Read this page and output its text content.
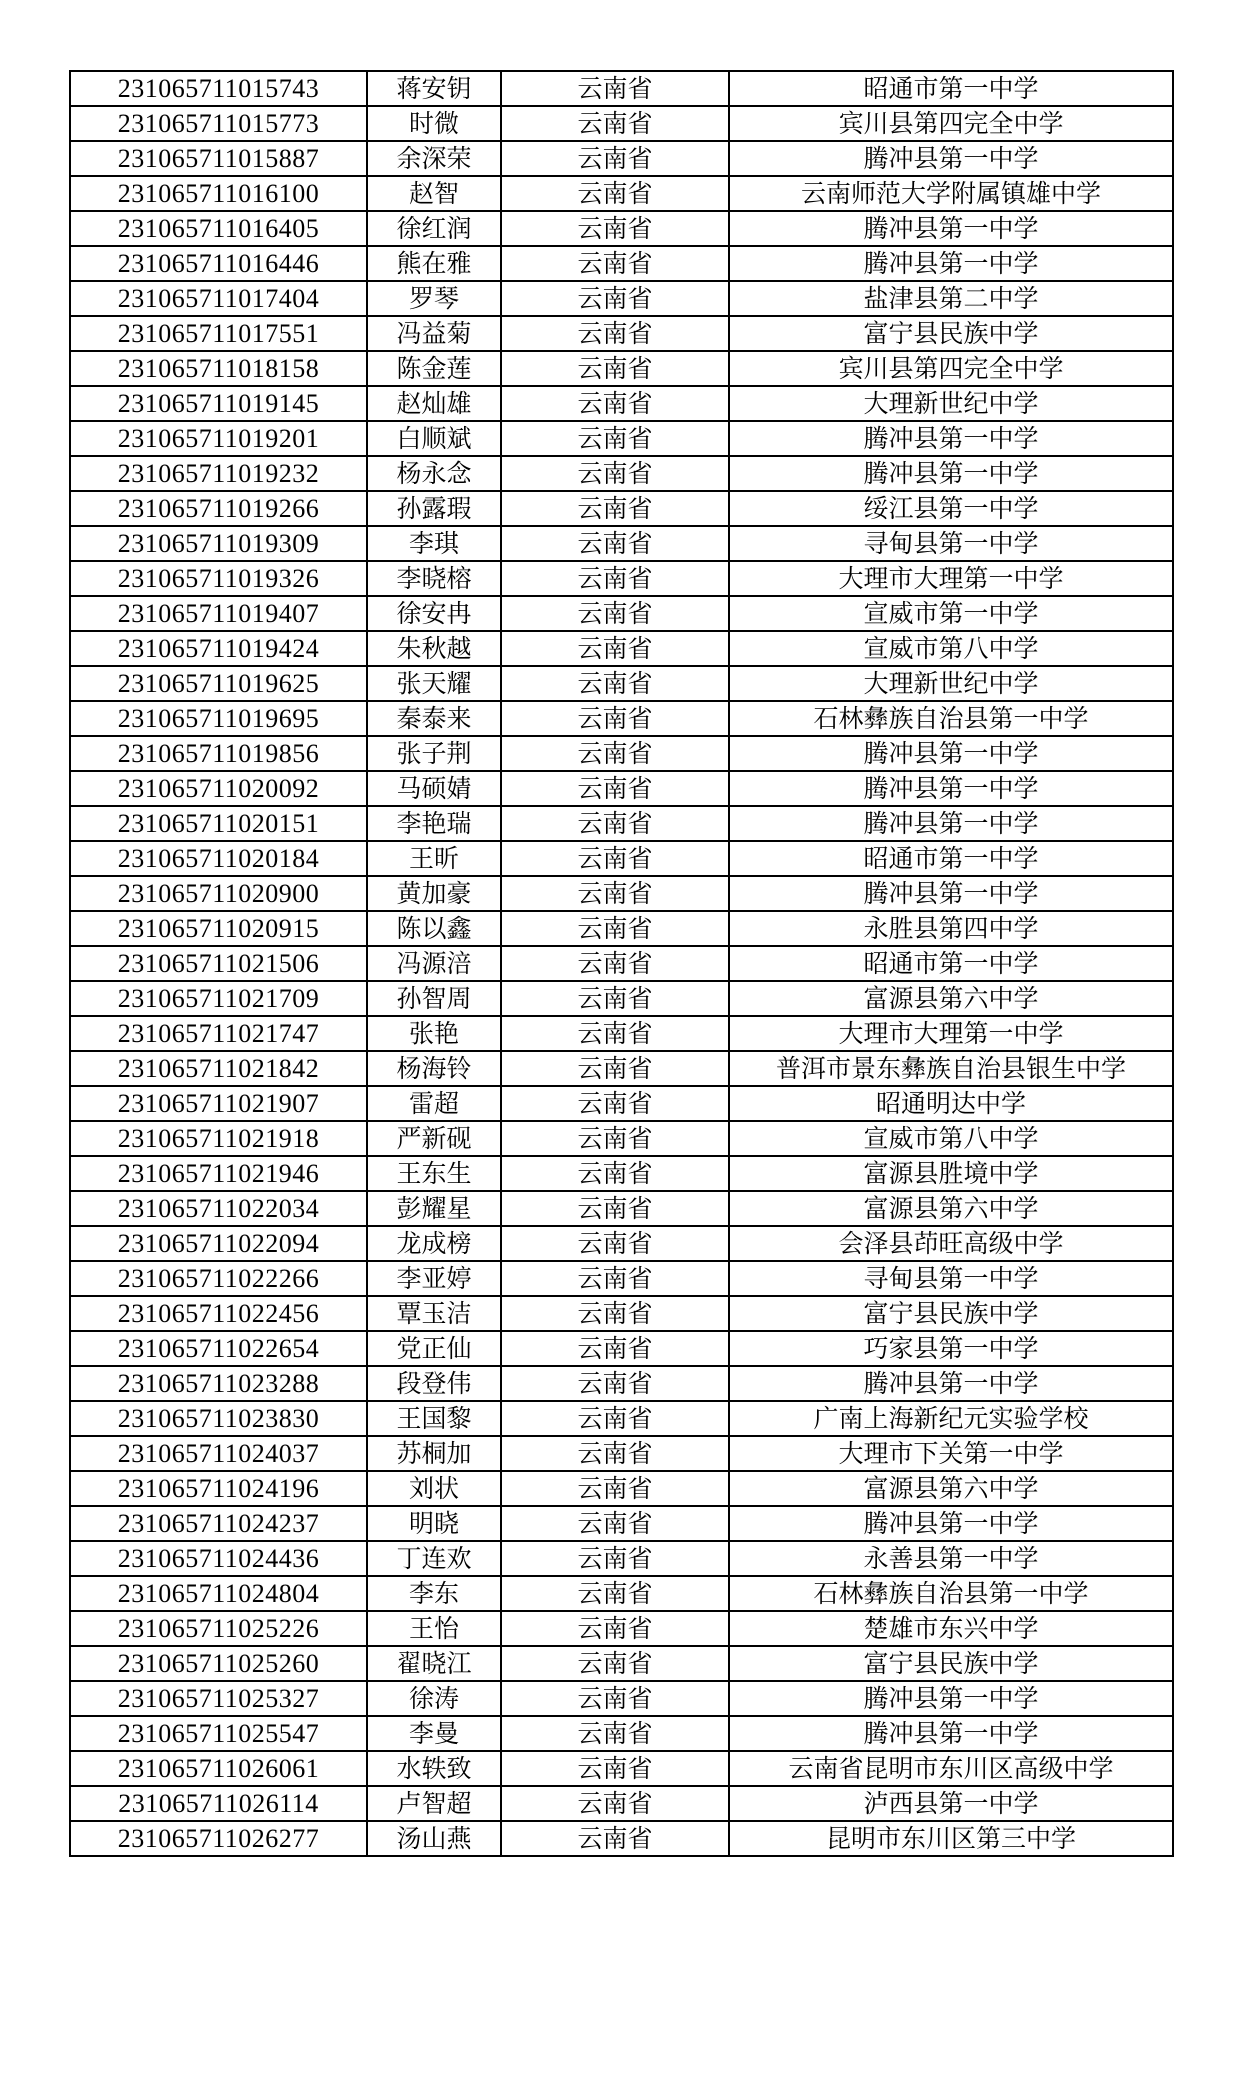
231065711015743	蒋安钥	云南省	昭通市第一中学
231065711015773	时微	云南省	宾川县第四完全中学
231065711015887	余深荣	云南省	腾冲县第一中学
231065711016100	赵智	云南省	云南师范大学附属镇雄中学
231065711016405	徐红润	云南省	腾冲县第一中学
231065711016446	熊在雅	云南省	腾冲县第一中学
231065711017404	罗琴	云南省	盐津县第二中学
231065711017551	冯益菊	云南省	富宁县民族中学
231065711018158	陈金莲	云南省	宾川县第四完全中学
231065711019145	赵灿雄	云南省	大理新世纪中学
231065711019201	白顺斌	云南省	腾冲县第一中学
231065711019232	杨永念	云南省	腾冲县第一中学
231065711019266	孙露瑕	云南省	绥江县第一中学
231065711019309	李琪	云南省	寻甸县第一中学
231065711019326	李晓榕	云南省	大理市大理第一中学
231065711019407	徐安冉	云南省	宣威市第一中学
231065711019424	朱秋越	云南省	宣威市第八中学
231065711019625	张天耀	云南省	大理新世纪中学
231065711019695	秦泰来	云南省	石林彝族自治县第一中学
231065711019856	张子荆	云南省	腾冲县第一中学
231065711020092	马硕婧	云南省	腾冲县第一中学
231065711020151	李艳瑞	云南省	腾冲县第一中学
231065711020184	王昕	云南省	昭通市第一中学
231065711020900	黄加豪	云南省	腾冲县第一中学
231065711020915	陈以鑫	云南省	永胜县第四中学
231065711021506	冯源涪	云南省	昭通市第一中学
231065711021709	孙智周	云南省	富源县第六中学
231065711021747	张艳	云南省	大理市大理第一中学
231065711021842	杨海铃	云南省	普洱市景东彝族自治县银生中学
231065711021907	雷超	云南省	昭通明达中学
231065711021918	严新砚	云南省	宣威市第八中学
231065711021946	王东生	云南省	富源县胜境中学
231065711022034	彭耀星	云南省	富源县第六中学
231065711022094	龙成榜	云南省	会泽县茚旺高级中学
231065711022266	李亚婷	云南省	寻甸县第一中学
231065711022456	覃玉洁	云南省	富宁县民族中学
231065711022654	党正仙	云南省	巧家县第一中学
231065711023288	段登伟	云南省	腾冲县第一中学
231065711023830	王国黎	云南省	广南上海新纪元实验学校
231065711024037	苏桐加	云南省	大理市下关第一中学
231065711024196	刘状	云南省	富源县第六中学
231065711024237	明晓	云南省	腾冲县第一中学
231065711024436	丁连欢	云南省	永善县第一中学
231065711024804	李东	云南省	石林彝族自治县第一中学
231065711025226	王怡	云南省	楚雄市东兴中学
231065711025260	翟晓江	云南省	富宁县民族中学
231065711025327	徐涛	云南省	腾冲县第一中学
231065711025547	李曼	云南省	腾冲县第一中学
231065711026061	水轶致	云南省	云南省昆明市东川区高级中学
231065711026114	卢智超	云南省	泸西县第一中学
231065711026277	汤山燕	云南省	昆明市东川区第三中学
